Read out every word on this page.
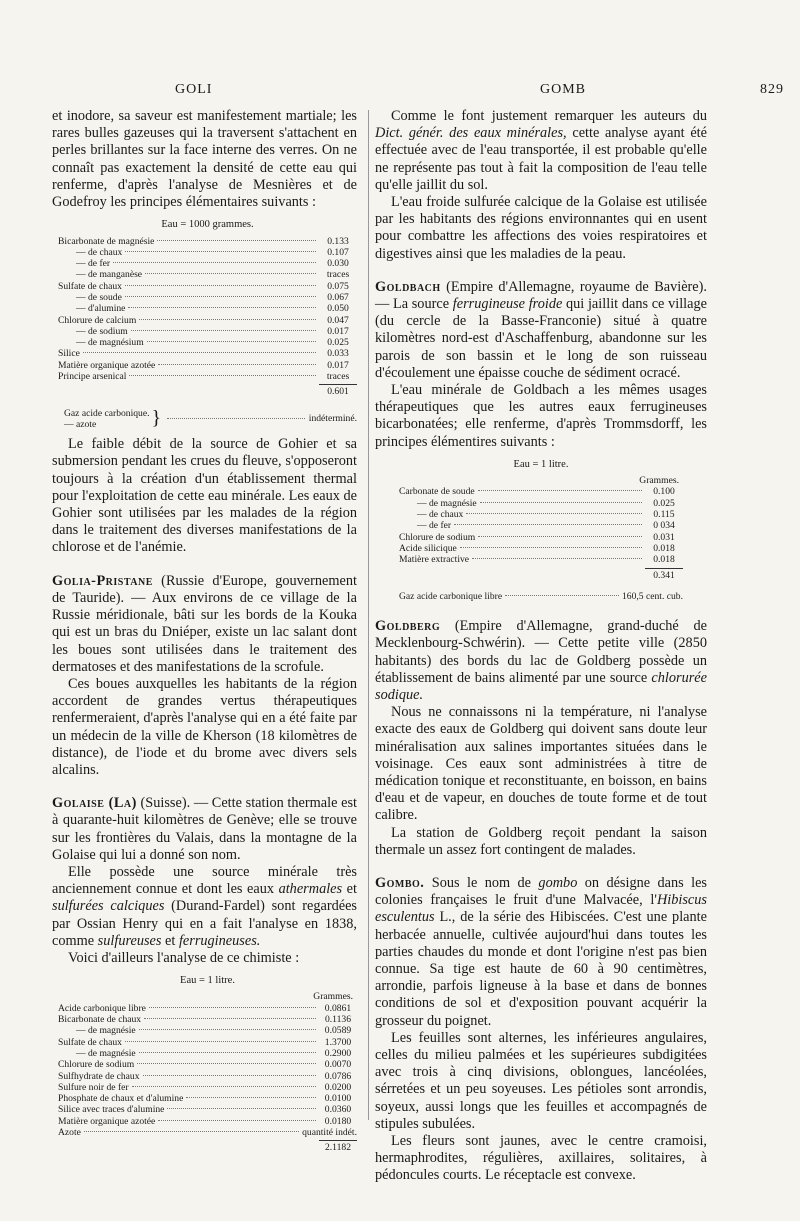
GOLI	GOMB	829

et inodore, sa saveur est manifestement martiale; les rares bulles gazeuses qui la traversent s'attachent en perles brillantes sur la face interne des verres. On ne connaît pas exactement la densité de cette eau qui renferme, d'après l'analyse de Mesnières et de Godefroy les principes élémentaires suivants :

Eau = 1000 grammes.
Bicarbonate de magnésie	0.133
— de chaux	0.107
— de fer	0.030
— de manganèse	traces
Sulfate de chaux	0.075
— de soude	0.067
— d'alumine	0.050
Chlorure de calcium	0.047
— de sodium	0.017
— de magnésium	0.025
Silice	0.033
Matière organique azotée	0.017
Principe arsenical	traces
0.601
Gaz acide carbonique.
— azote	}	indéterminé.

Le faible débit de la source de Gohier et sa submersion pendant les crues du fleuve, s'opposeront toujours à la création d'un établissement thermal pour l'exploitation de cette eau minérale. Les eaux de Gohier sont utilisées par les malades de la région dans le traitement des diverses manifestations de la chlorose et de l'anémie.

Golia-Pristane (Russie d'Europe, gouvernement de Tauride). — Aux environs de ce village de la Russie méridionale, bâti sur les bords de la Kouka qui est un bras du Dniéper, existe un lac salant dont les boues sont utilisées dans le traitement des dermatoses et des manifestations de la scrofule.

Ces boues auxquelles les habitants de la région accordent de grandes vertus thérapeutiques renfermeraient, d'après l'analyse qui en a été faite par un médecin de la ville de Kherson (18 kilomètres de distance), de l'iode et du brome avec divers sels alcalins.

Golaise (La) (Suisse). — Cette station thermale est à quarante-huit kilomètres de Genève; elle se trouve sur les frontières du Valais, dans la montagne de la Golaise qui lui a donné son nom.

Elle possède une source minérale très anciennement connue et dont les eaux athermales et sulfurées calciques (Durand-Fardel) sont regardées par Ossian Henry qui en a fait l'analyse en 1838, comme sulfureuses et ferrugineuses.

Voici d'ailleurs l'analyse de ce chimiste :

Eau = 1 litre.
Grammes.
Acide carbonique libre	0.0861
Bicarbonate de chaux	0.1136
— de magnésie	0.0589
Sulfate de chaux	1.3700
— de magnésie	0.2900
Chlorure de sodium	0.0070
Sulfhydrate de chaux	0.0786
Sulfure noir de fer	0.0200
Phosphate de chaux et d'alumine	0.0100
Silice avec traces d'alumine	0.0360
Matière organique azotée	0.0180
Azote	quantité indét.
2.1182

Comme le font justement remarquer les auteurs du Dict. génér. des eaux minérales, cette analyse ayant été effectuée avec de l'eau transportée, il est probable qu'elle ne représente pas tout à fait la composition de l'eau telle qu'elle jaillit du sol.

L'eau froide sulfurée calcique de la Golaise est utilisée par les habitants des régions environnantes qui en usent pour combattre les affections des voies respiratoires et digestives ainsi que les maladies de la peau.

Goldbach (Empire d'Allemagne, royaume de Bavière). — La source ferrugineuse froide qui jaillit dans ce village (du cercle de la Basse-Franconie) situé à quatre kilomètres nord-est d'Aschaffenburg, abandonne sur les parois de son bassin et le long de son ruisseau d'écoulement une épaisse couche de sédiment ocracé.

L'eau minérale de Goldbach a les mêmes usages thérapeutiques que les autres eaux ferrugineuses bicarbonatées; elle renferme, d'après Trommsdorff, les principes élémentires suivants :

Eau = 1 litre.
Grammes.
Carbonate de soude	0.100
— de magnésie	0.025
— de chaux	0.115
— de fer	0 034
Chlorure de sodium	0.031
Acide silicique	0.018
Matière extractive	0.018
0.341
Gaz acide carbonique libre	160,5 cent. cub.

Goldberg (Empire d'Allemagne, grand-duché de Mecklenbourg-Schwérin). — Cette petite ville (2850 habitants) des bords du lac de Goldberg possède un établissement de bains alimenté par une source chlorurée sodique.

Nous ne connaissons ni la température, ni l'analyse exacte des eaux de Goldberg qui doivent sans doute leur minéralisation aux salines importantes situées dans le voisinage. Ces eaux sont administrées à titre de médication tonique et reconstituante, en boisson, en bains d'eau et de vapeur, en douches de toute forme et de tout calibre.

La station de Goldberg reçoit pendant la saison thermale un assez fort contingent de malades.

Gombo. Sous le nom de gombo on désigne dans les colonies françaises le fruit d'une Malvacée, l'Hibiscus esculentus L., de la série des Hibiscées. C'est une plante herbacée annuelle, cultivée aujourd'hui dans toutes les parties chaudes du monde et dont l'origine n'est pas bien connue. Sa tige est haute de 60 à 90 centimètres, arrondie, parfois ligneuse à la base et dans de bonnes conditions de sol et d'exposition pouvant acquérir la grosseur du poignet.

Les feuilles sont alternes, les inférieures angulaires, celles du milieu palmées et les supérieures subdigitées avec trois à cinq divisions, oblongues, lancéolées, sérretées et un peu soyeuses. Les pétioles sont arrondis, soyeux, aussi longs que les feuilles et accompagnés de stipules subulées.

Les fleurs sont jaunes, avec le centre cramoisi, hermaphrodites, régulières, axillaires, solitaires, à pédoncules courts. Le réceptacle est convexe.
